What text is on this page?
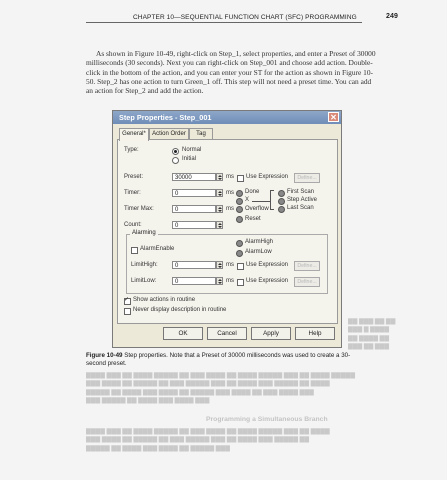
CHAPTER 10—SEQUENTIAL FUNCTION CHART (SFC) PROGRAMMING	249
As shown in Figure 10-49, right-click on Step_1, select properties, and enter a Preset of 30000 milliseconds (30 seconds). Next you can right-click on Step_001 and choose add action. Double-click in the bottom of the action, and you can enter your ST for the action as shown in Figure 10-50. Step_2 has one action to turn Green_1 off. This step will not need a preset time. You can add an action for Step_2 and add the action.
▇▇ ▇▇▇ ▇▇ ▇▇
▇▇▇ ▇ ▇▇▇▇
▇▇ ▇▇▇▇ ▇▇
▇▇▇ ▇▇ ▇▇▇
▇▇▇▇ ▇▇▇ ▇▇ ▇▇▇▇ ▇▇▇▇▇ ▇▇ ▇▇▇ ▇▇▇▇ ▇▇ ▇▇▇▇ ▇▇▇▇▇ ▇▇▇ ▇▇ ▇▇▇▇ ▇▇▇▇▇
▇▇▇ ▇▇▇▇ ▇▇ ▇▇▇▇▇ ▇▇ ▇▇▇ ▇▇▇▇▇ ▇▇▇ ▇▇ ▇▇▇▇ ▇▇▇ ▇▇▇▇▇ ▇▇ ▇▇▇▇
▇▇▇▇▇ ▇▇ ▇▇▇▇ ▇▇▇ ▇▇▇▇ ▇▇ ▇▇▇▇▇ ▇▇▇ ▇▇▇▇ ▇▇ ▇▇▇ ▇▇▇▇ ▇▇▇
▇▇▇ ▇▇▇▇▇ ▇▇ ▇▇▇▇ ▇▇▇ ▇▇▇▇ ▇▇▇
Programming a Simultaneous Branch
▇▇▇▇ ▇▇▇ ▇▇ ▇▇▇▇ ▇▇▇▇▇ ▇▇ ▇▇▇ ▇▇▇▇ ▇▇ ▇▇▇▇ ▇▇▇▇▇ ▇▇▇ ▇▇ ▇▇▇▇
▇▇▇ ▇▇▇▇ ▇▇ ▇▇▇▇▇ ▇▇ ▇▇▇ ▇▇▇▇▇ ▇▇▇ ▇▇ ▇▇▇▇ ▇▇▇ ▇▇▇▇▇ ▇▇
▇▇▇▇▇ ▇▇ ▇▇▇▇ ▇▇▇ ▇▇▇▇ ▇▇ ▇▇▇▇▇ ▇▇▇
Step Properties - Step_001	✕
General*	Action Order	Tag
Type:	Normal
Initial
Preset:	30000	ms Use Expression	Define...
Timer:	0	ms
Timer Max:	0	ms
Count:	0
Done
X
Overflow
Reset
First Scan
Step Active
Last Scan
Alarming
AlarmEnable
AlarmHigh
AlarmLow
LimitHigh:	0	ms Use Expression	Define...
LimitLow:	0	ms Use Expression	Define...
✓
Show actions in routine
Never display description in routine
OK	Cancel	Apply	Help
Figure 10-49 Step properties. Note that a Preset of 30000 milliseconds was used to create a 30-second preset.
